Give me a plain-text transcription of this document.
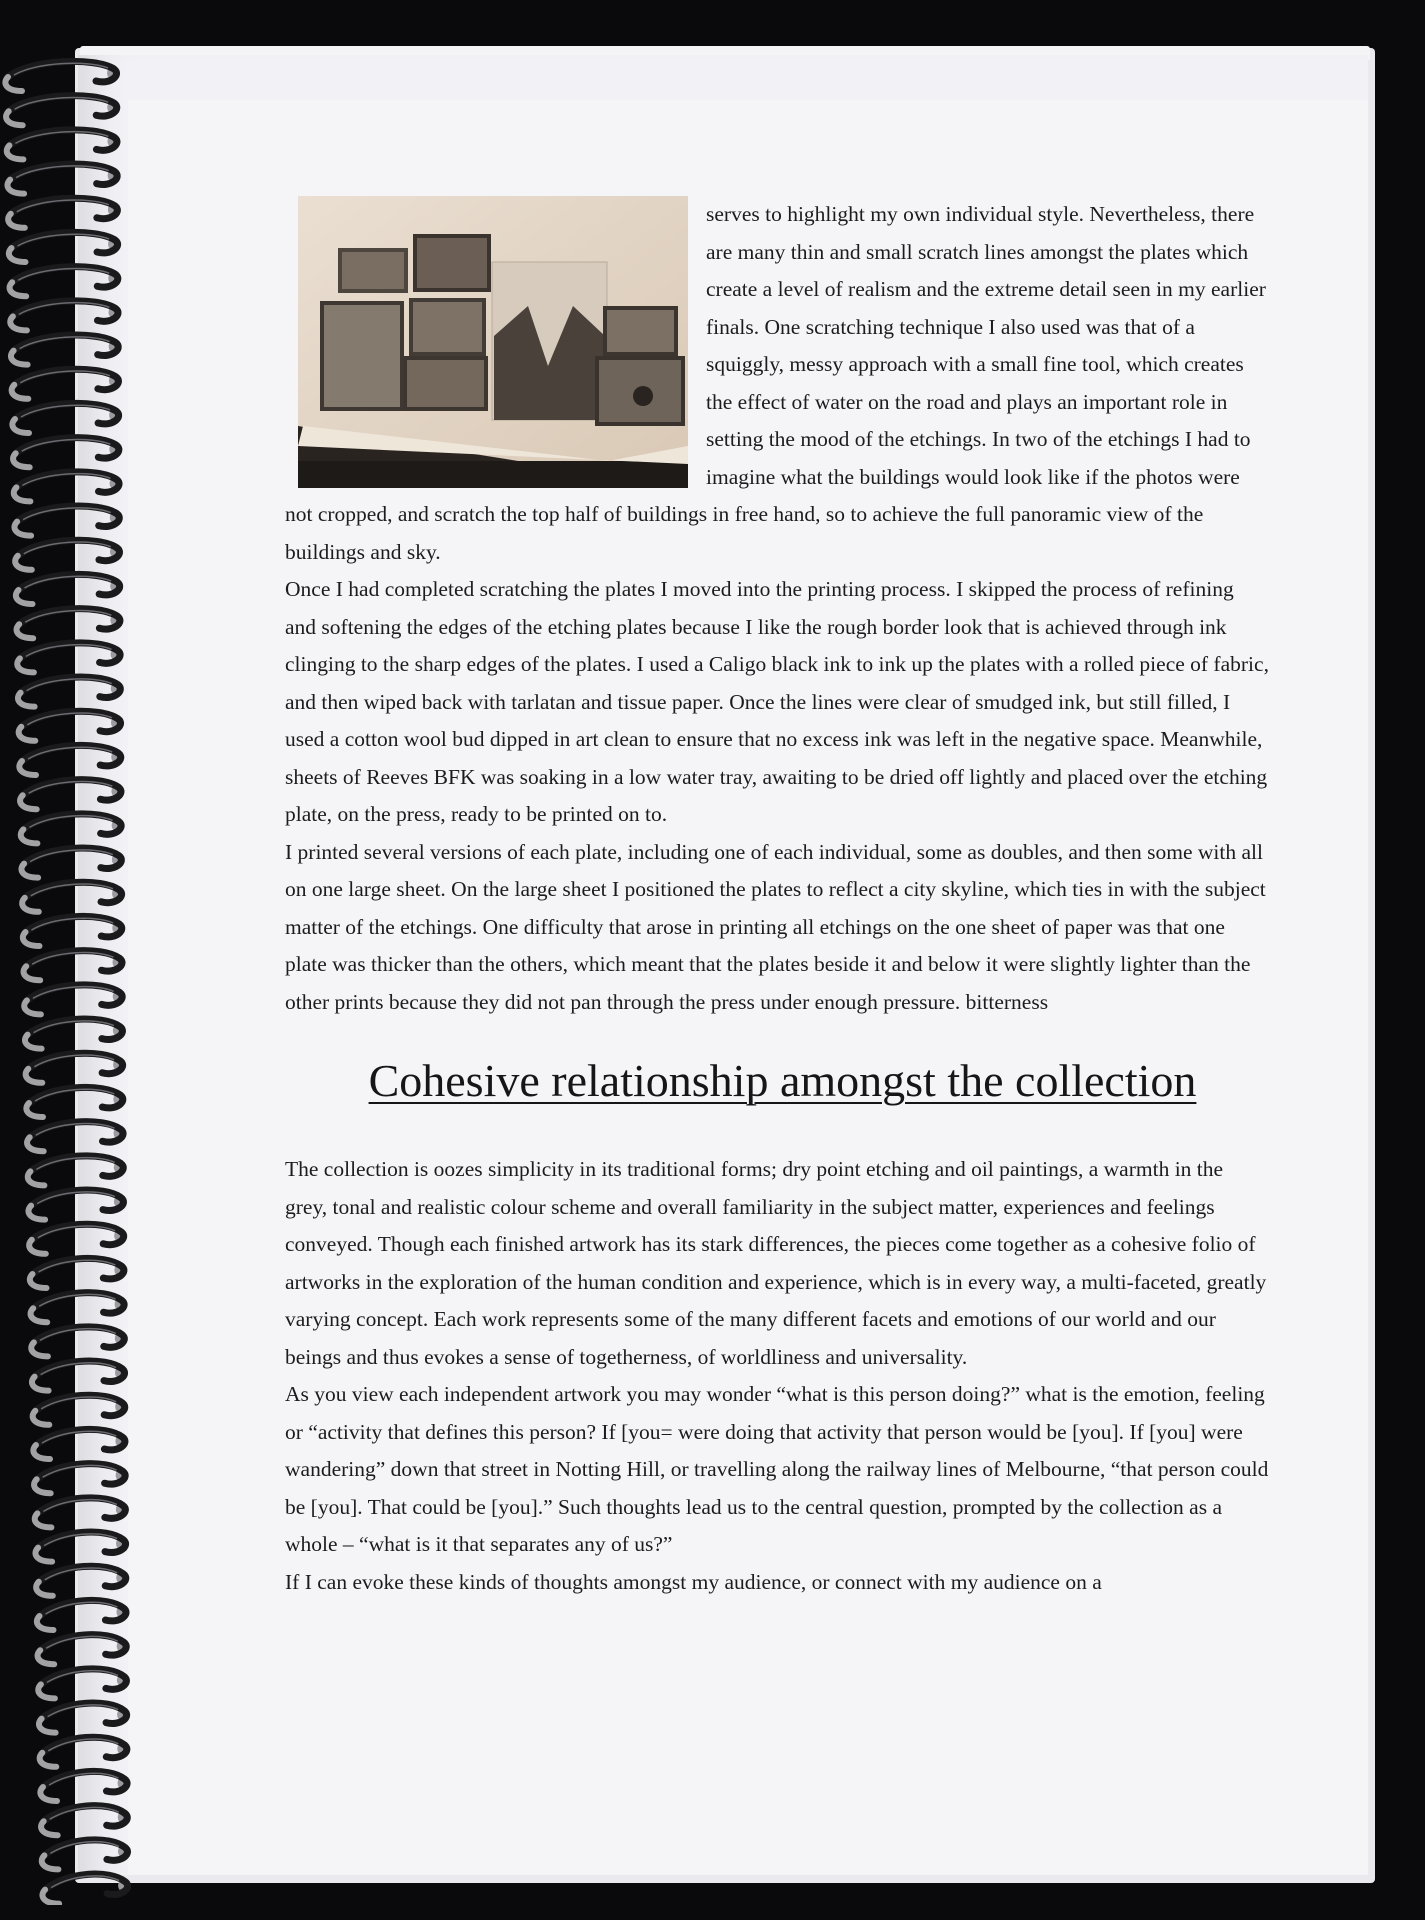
serves to highlight my own individual style. Nevertheless, there are many thin and small scratch lines amongst the plates which create a level of realism and the extreme detail seen in my earlier finals. One scratching technique I also used was that of a squiggly, messy approach with a small fine tool, which creates the effect of water on the road and plays an important role in setting the mood of the etchings. In two of the etchings I had to imagine what the buildings would look like if the photos were not cropped, and scratch the top half of buildings in free hand, so to achieve the full panoramic view of the buildings and sky.

Once I had completed scratching the plates I moved into the printing process. I skipped the process of refining and softening the edges of the etching plates because I like the rough border look that is achieved through ink clinging to the sharp edges of the plates. I used a Caligo black ink to ink up the plates with a rolled piece of fabric, and then wiped back with tarlatan and tissue paper. Once the lines were clear of smudged ink, but still filled, I used a cotton wool bud dipped in art clean to ensure that no excess ink was left in the negative space. Meanwhile, sheets of Reeves BFK was soaking in a low water tray, awaiting to be dried off lightly and placed over the etching plate, on the press, ready to be printed on to.

I printed several versions of each plate, including one of each individual, some as doubles, and then some with all on one large sheet. On the large sheet I positioned the plates to reflect a city skyline, which ties in with the subject matter of the etchings. One difficulty that arose in printing all etchings on the one sheet of paper was that one plate was thicker than the others, which meant that the plates beside it and below it were slightly lighter than the other prints because they did not pan through the press under enough pressure. bitterness

Cohesive relationship amongst the collection

The collection is oozes simplicity in its traditional forms; dry point etching and oil paintings, a warmth in the grey, tonal and realistic colour scheme and overall familiarity in the subject matter, experiences and feelings conveyed. Though each finished artwork has its stark differences, the pieces come together as a cohesive folio of artworks in the exploration of the human condition and experience, which is in every way, a multi-faceted, greatly varying concept. Each work represents some of the many different facets and emotions of our world and our beings and thus evokes a sense of togetherness, of worldliness and universality.

As you view each independent artwork you may wonder “what is this person doing?” what is the emotion, feeling or “activity that defines this person? If [you= were doing that activity that person would be [you]. If [you] were wandering” down that street in Notting Hill, or travelling along the railway lines of Melbourne, “that person could be [you]. That could be [you].” Such thoughts lead us to the central question, prompted by the collection as a whole – “what is it that separates any of us?”

If I can evoke these kinds of thoughts amongst my audience, or connect with my audience on a
